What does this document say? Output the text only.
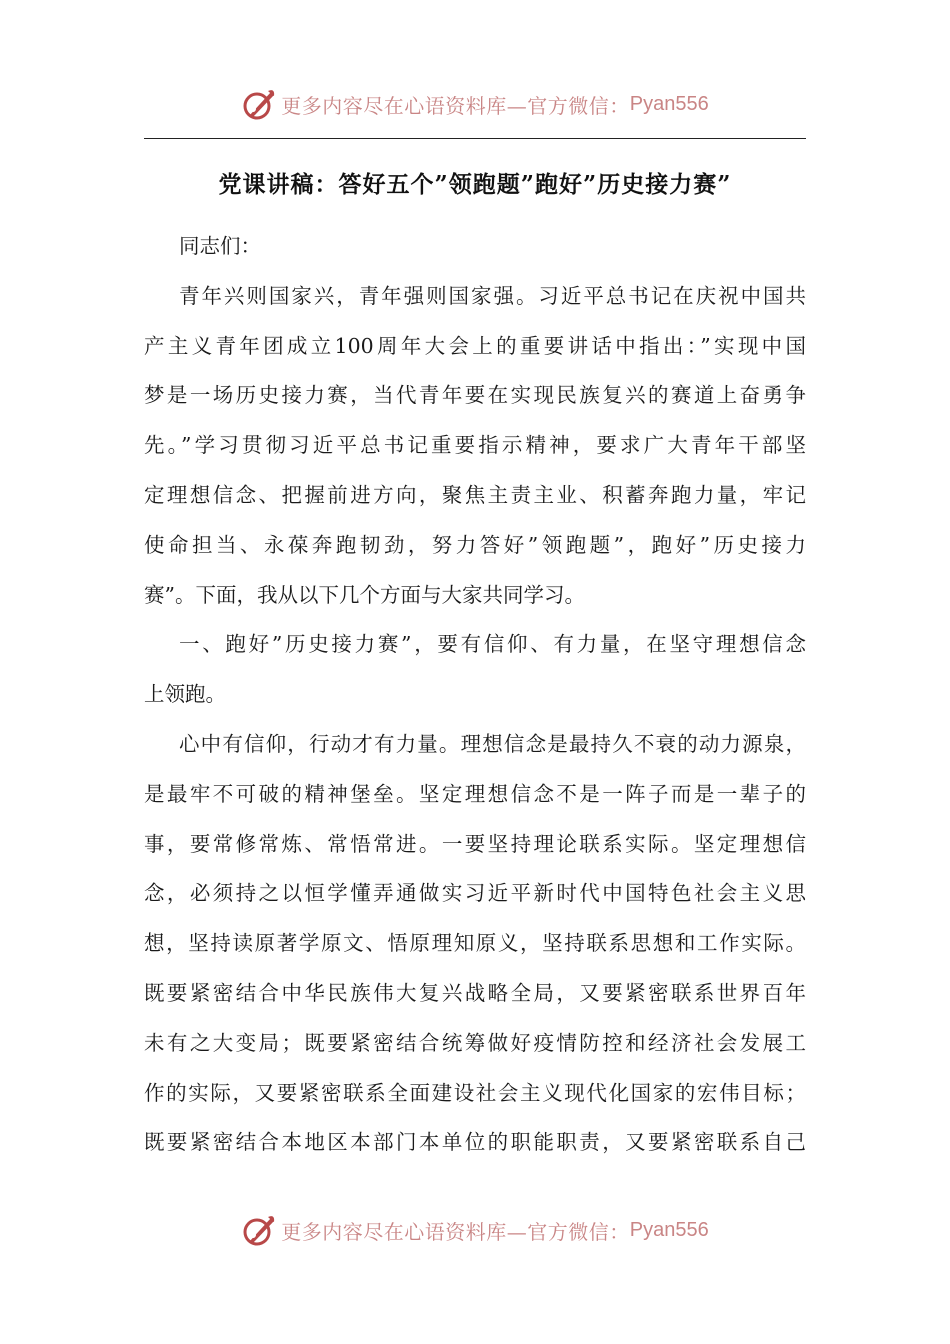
更多内容尽在心语资料库—官方微信： Pyan556
党课讲稿：答好五个”领跑题”跑好”历史接力赛”
同志们：
青年兴则国家兴，青年强则国家强。习近平总书记在庆祝中国共
产主义青年团成立100周年大会上的重要讲话中指出：”实现中国
梦是一场历史接力赛，当代青年要在实现民族复兴的赛道上奋勇争
先。”学习贯彻习近平总书记重要指示精神，要求广大青年干部坚
定理想信念、把握前进方向，聚焦主责主业、积蓄奔跑力量，牢记
使命担当、永葆奔跑韧劲，努力答好”领跑题”，跑好”历史接力
赛”。下面，我从以下几个方面与大家共同学习。
一、跑好”历史接力赛”，要有信仰、有力量，在坚守理想信念
上领跑。
心中有信仰，行动才有力量。理想信念是最持久不衰的动力源泉，
是最牢不可破的精神堡垒。坚定理想信念不是一阵子而是一辈子的
事，要常修常炼、常悟常进。一要坚持理论联系实际。坚定理想信
念，必须持之以恒学懂弄通做实习近平新时代中国特色社会主义思
想，坚持读原著学原文、悟原理知原义，坚持联系思想和工作实际。
既要紧密结合中华民族伟大复兴战略全局，又要紧密联系世界百年
未有之大变局；既要紧密结合统筹做好疫情防控和经济社会发展工
作的实际，又要紧密联系全面建设社会主义现代化国家的宏伟目标；
既要紧密结合本地区本部门本单位的职能职责，又要紧密联系自己
更多内容尽在心语资料库—官方微信： Pyan556
